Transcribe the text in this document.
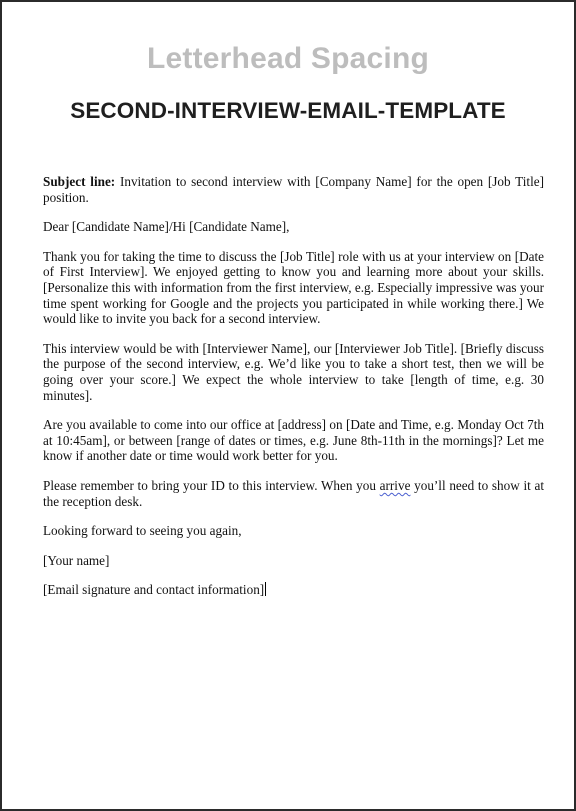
Letterhead Spacing
SECOND-INTERVIEW-EMAIL-TEMPLATE

Subject line: Invitation to second interview with [Company Name] for the open [Job Title] position.

Dear [Candidate Name]/Hi [Candidate Name],

Thank you for taking the time to discuss the [Job Title] role with us at your interview on [Date of First Interview]. We enjoyed getting to know you and learning more about your skills. [Personalize this with information from the first interview, e.g. Especially impressive was your time spent working for Google and the projects you participated in while working there.] We would like to invite you back for a second interview.

This interview would be with [Interviewer Name], our [Interviewer Job Title]. [Briefly discuss the purpose of the second interview, e.g. We’d like you to take a short test, then we will be going over your score.] We expect the whole interview to take [length of time, e.g. 30 minutes].

Are you available to come into our office at [address] on [Date and Time, e.g. Monday Oct 7th at 10:45am], or between [range of dates or times, e.g. June 8th-11th in the mornings]? Let me know if another date or time would work better for you.

Please remember to bring your ID to this interview. When you arrive you’ll need to show it at the reception desk.

Looking forward to seeing you again,

[Your name]

[Email signature and contact information]
